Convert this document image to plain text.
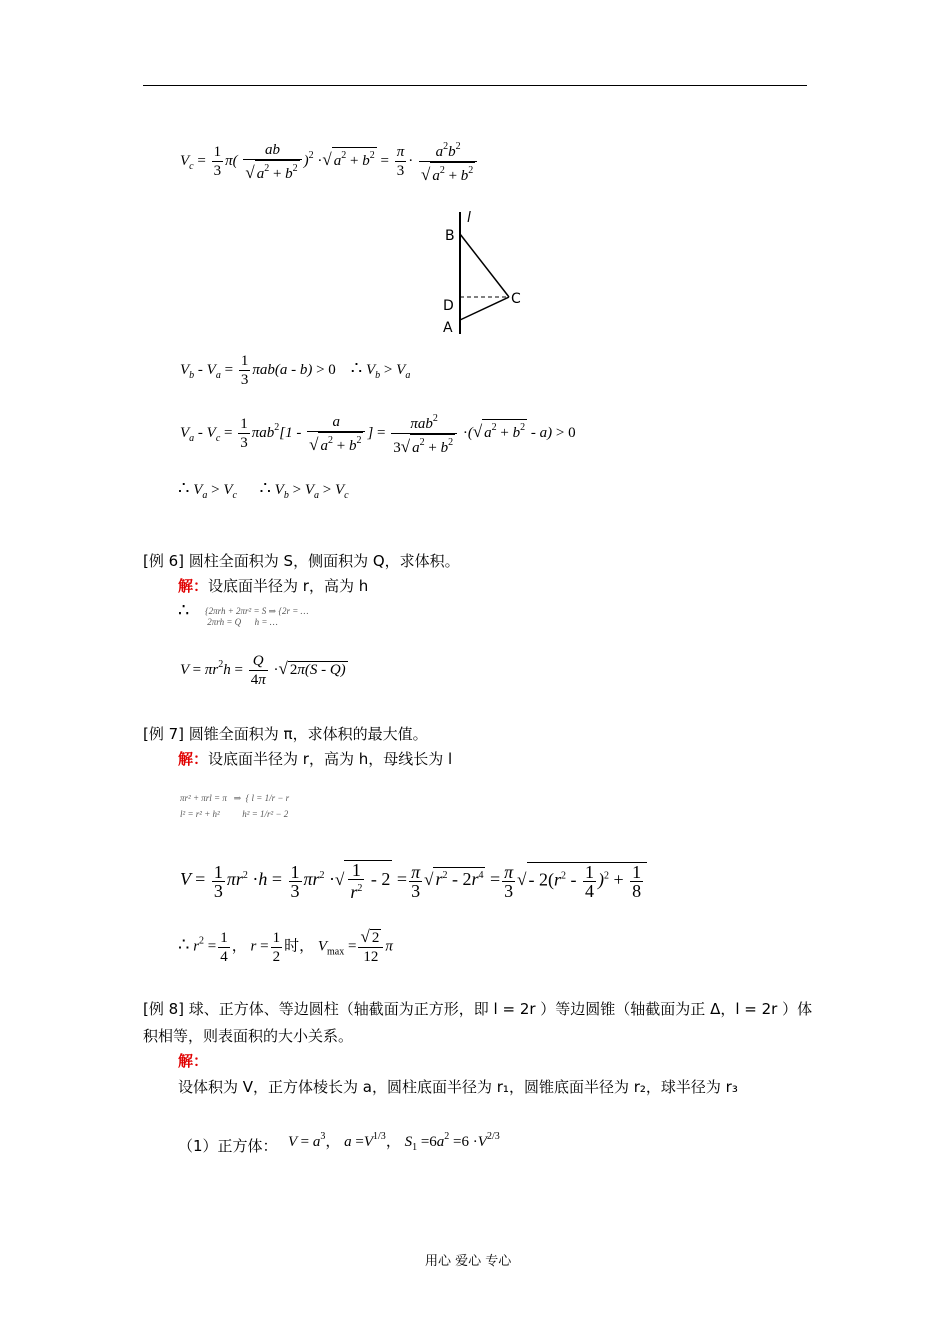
$V_c = \frac{1}{3} \pi( \frac{ab}{√ a^2 + b^2} )^2$ ·√ $a^2 + b^2 = \frac{\pi}{3} \cdot \frac{a^2b^2}{√ a^2 + b^2}$
l
B
D	C
A
$V_b - V_a = \frac{1}{3} \pi ab(a - b) > 0$ ∴ $V_b > V_a$
$V_a - V_c = \frac{1}{3} \pi ab^2[1 - \frac{a}{√ a^2 + b^2}$ ] = $\frac{\pi ab^2}{3√ a^2 + b^2}$ ·(√ $a^2 + b^2 - a) > 0$
∴ $V_a > V_c$ ∴ $V_b > V_a > V_c$
[例 6] 圆柱全面积为 S，侧面积为 Q，求体积。
解：设底面半径为 r，高为 h
∴ {2πrh + 2πr² = S ⇒ {2r = …
2πrh = Q      h = …
$V = \pi r^2h = \frac{Q}{4\pi}$ ·√ 2π(S - Q)
[例 7] 圆锥全面积为 π，求体积的最大值。
解：设底面半径为 r，高为 h，母线长为 l
πr² + πrl = π   ⇒  { l = 1/r − r
l² = r² + h²          h² = 1/r² − 2
$V = \frac{1}{3} \pi r^2 \cdot h = \frac{1}{3} \pi r^2$ ·√ $\frac{1}{r^2} - 2 = \frac{\pi}{3}$ √ $r^2 - 2r^4 = \frac{\pi}{3}$ √ - $2(r^2 - \frac{1}{4} )^2 + \frac{1}{8}$
∴ $r^2 = \frac{1}{4}$ ， $r = \frac{1}{2}$ 时， $V_{max} = \frac{√ 2}{12}$ π
[例 8] 球、正方体、等边圆柱（轴截面为正方形，即 l = 2r ）等边圆锥（轴截面为正 Δ，l = 2r ）体
积相等，则表面积的大小关系。
解：
设体积为 V，正方体棱长为 a，圆柱底面半径为 r₁，圆锥底面半径为 r₂，球半径为 r₃
（1）正方体： $V = a^3$， $a =V^{1/3}$， $S_1 =6a^2 =6 \cdot V^{2/3}$
用心 爱心 专心
